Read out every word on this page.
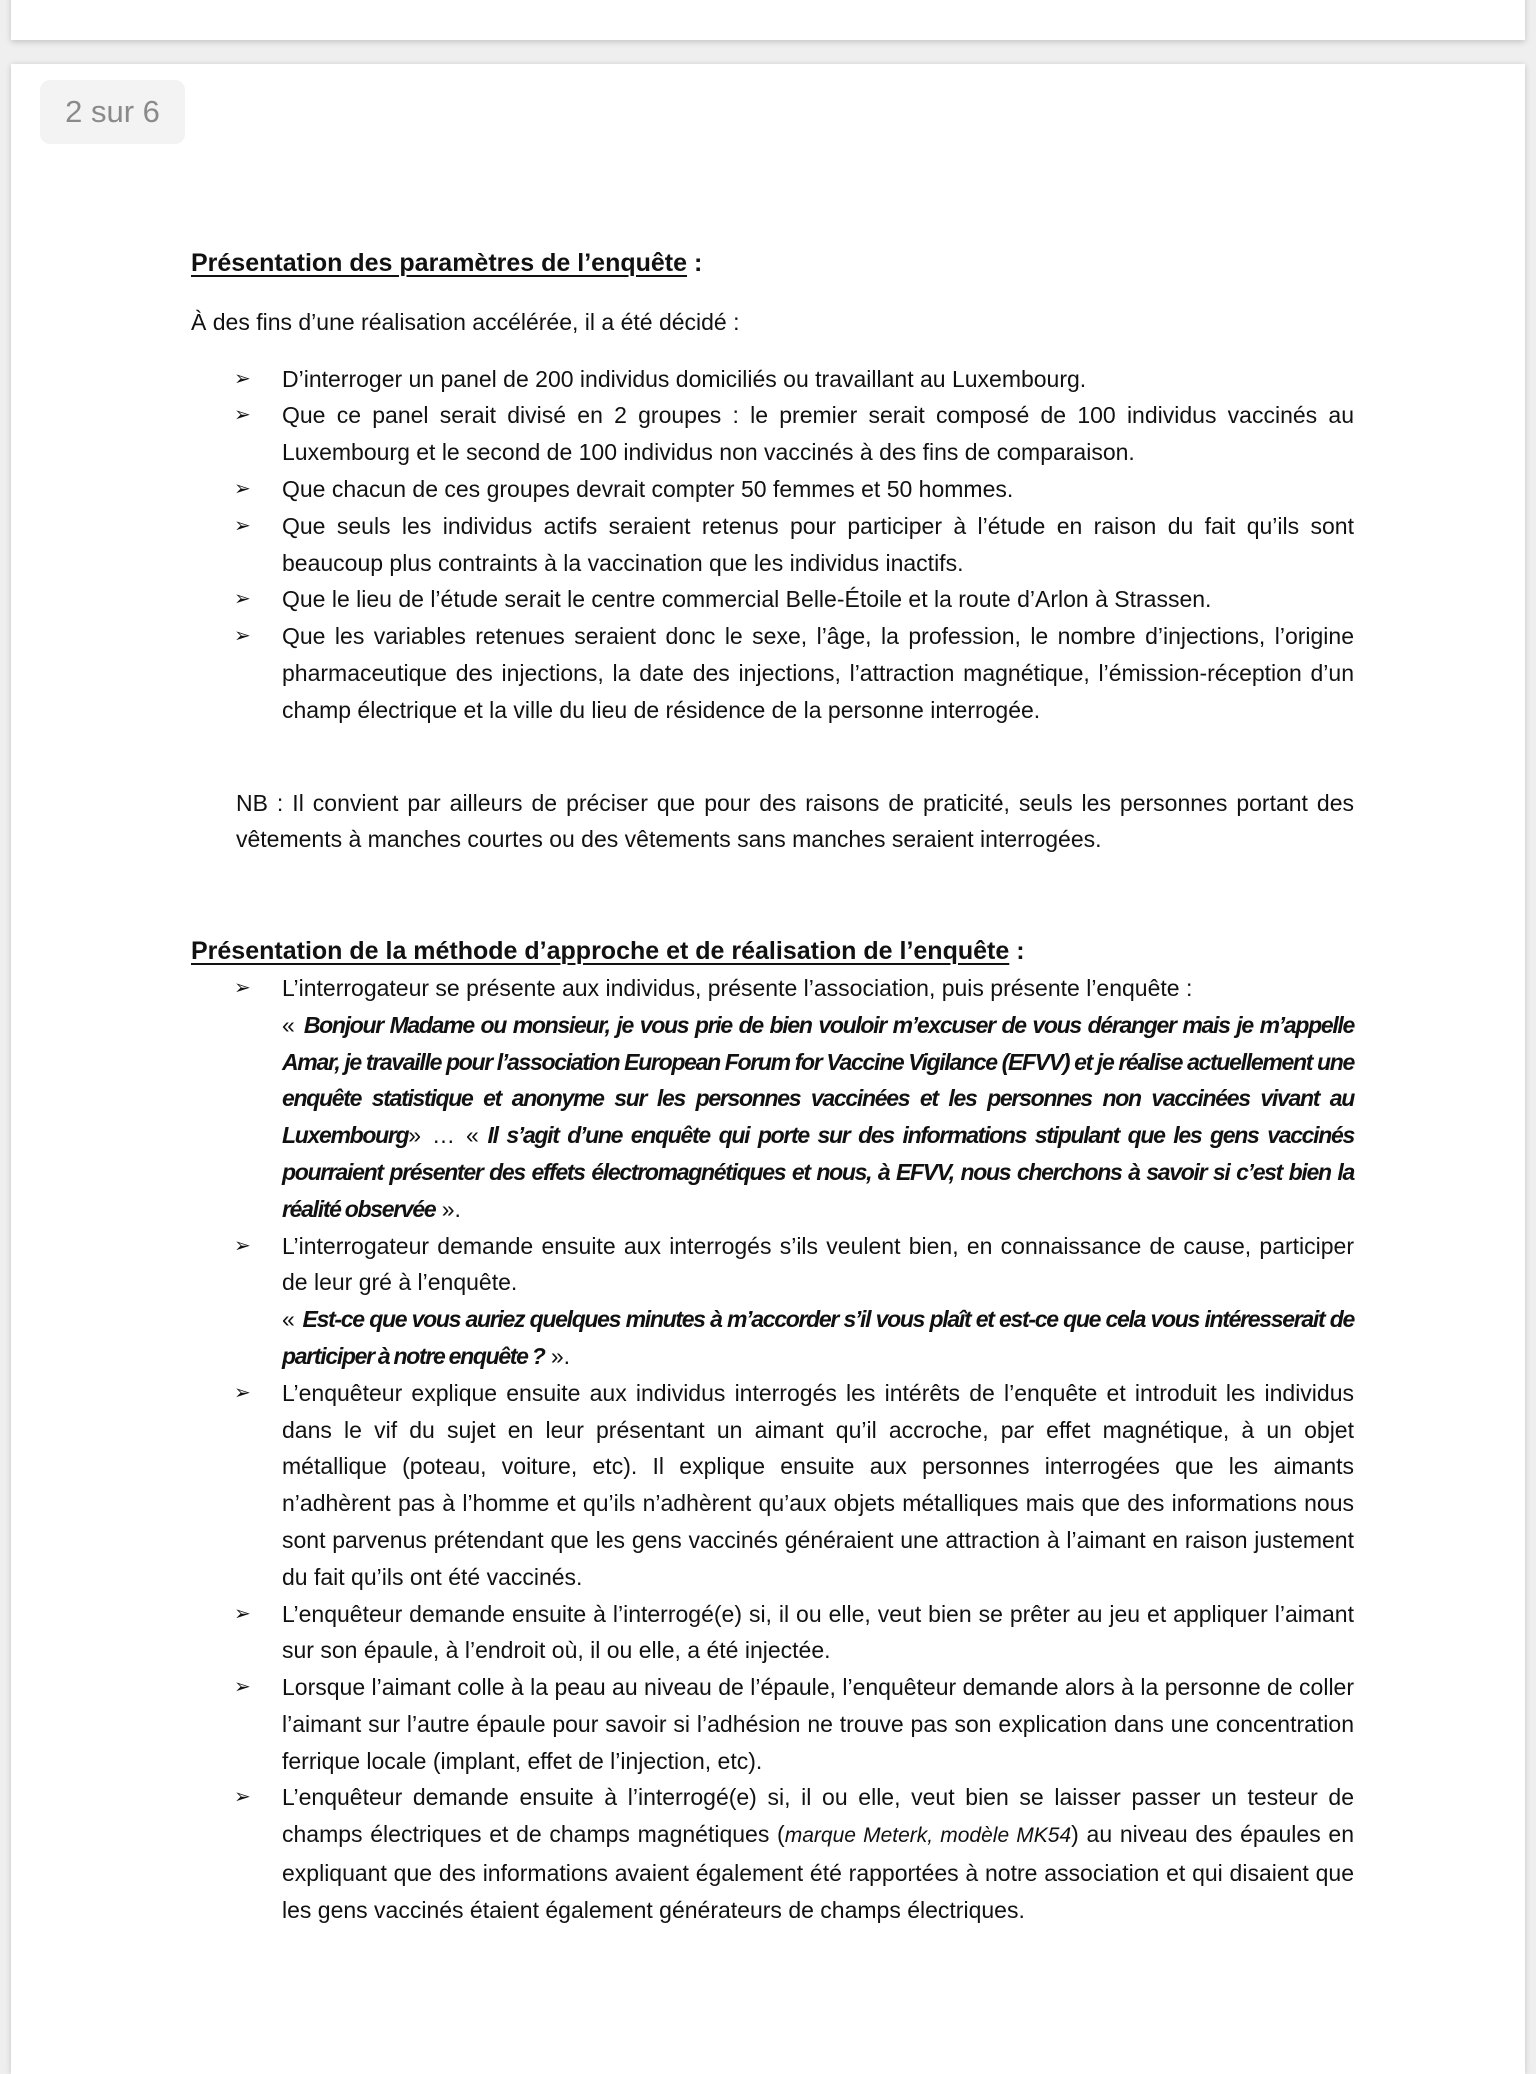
2 sur 6

Présentation des paramètres de l’enquête :

À des fins d’une réalisation accélérée, il a été décidé :

➢ D’interroger un panel de 200 individus domiciliés ou travaillant au Luxembourg.
➢ Que ce panel serait divisé en 2 groupes : le premier serait composé de 100 individus vaccinés au Luxembourg et le second de 100 individus non vaccinés à des fins de comparaison.
➢ Que chacun de ces groupes devrait compter 50 femmes et 50 hommes.
➢ Que seuls les individus actifs seraient retenus pour participer à l’étude en raison du fait qu’ils sont beaucoup plus contraints à la vaccination que les individus inactifs.
➢ Que le lieu de l’étude serait le centre commercial Belle-Étoile et la route d’Arlon à Strassen.
➢ Que les variables retenues seraient donc le sexe, l’âge, la profession, le nombre d’injections, l’origine pharmaceutique des injections, la date des injections, l’attraction magnétique, l’émission-réception d’un champ électrique et la ville du lieu de résidence de la personne interrogée.

NB : Il convient par ailleurs de préciser que pour des raisons de praticité, seuls les personnes portant des vêtements à manches courtes ou des vêtements sans manches seraient interrogées.

Présentation de la méthode d’approche et de réalisation de l’enquête :

➢ L’interrogateur se présente aux individus, présente l’association, puis présente l’enquête :
« Bonjour Madame ou monsieur, je vous prie de bien vouloir m’excuser de vous déranger mais je m’appelle Amar, je travaille pour l’association European Forum for Vaccine Vigilance (EFVV) et je réalise actuellement une enquête statistique et anonyme sur les personnes vaccinées et les personnes non vaccinées vivant au Luxembourg» … « Il s’agit d’une enquête qui porte sur des informations stipulant que les gens vaccinés pourraient présenter des effets électromagnétiques et nous, à EFVV, nous cherchons à savoir si c’est bien la réalité observée ».
➢ L’interrogateur demande ensuite aux interrogés s’ils veulent bien, en connaissance de cause, participer de leur gré à l’enquête.
« Est-ce que vous auriez quelques minutes à m’accorder s’il vous plaît et est-ce que cela vous intéresserait de participer à notre enquête ? ».
➢ L’enquêteur explique ensuite aux individus interrogés les intérêts de l’enquête et introduit les individus dans le vif du sujet en leur présentant un aimant qu’il accroche, par effet magnétique, à un objet métallique (poteau, voiture, etc). Il explique ensuite aux personnes interrogées que les aimants n’adhèrent pas à l’homme et qu’ils n’adhèrent qu’aux objets métalliques mais que des informations nous sont parvenus prétendant que les gens vaccinés généraient une attraction à l’aimant en raison justement du fait qu’ils ont été vaccinés.
➢ L’enquêteur demande ensuite à l’interrogé(e) si, il ou elle, veut bien se prêter au jeu et appliquer l’aimant sur son épaule, à l’endroit où, il ou elle, a été injectée.
➢ Lorsque l’aimant colle à la peau au niveau de l’épaule, l’enquêteur demande alors à la personne de coller l’aimant sur l’autre épaule pour savoir si l’adhésion ne trouve pas son explication dans une concentration ferrique locale (implant, effet de l’injection, etc).
➢ L’enquêteur demande ensuite à l’interrogé(e) si, il ou elle, veut bien se laisser passer un testeur de champs électriques et de champs magnétiques (marque Meterk, modèle MK54) au niveau des épaules en expliquant que des informations avaient également été rapportées à notre association et qui disaient que les gens vaccinés étaient également générateurs de champs électriques.
